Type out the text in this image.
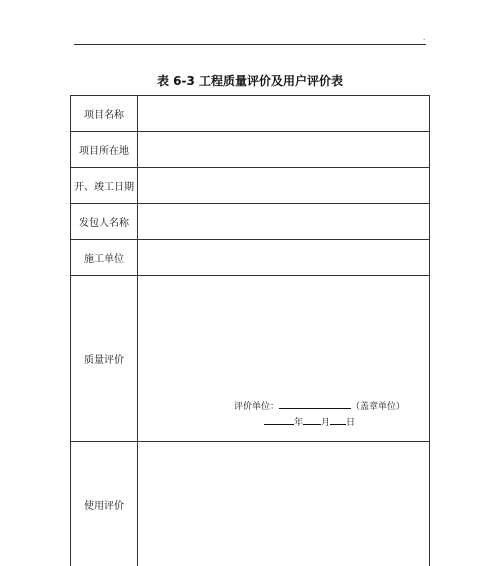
.
表 6-3 工程质量评价及用户评价表
项目名称	
项目所在地	
开、竣工日期	
发包人名称	
施工单位	
质量评价	评价单位： （盖章单位）
年 月 日

使用评价	
